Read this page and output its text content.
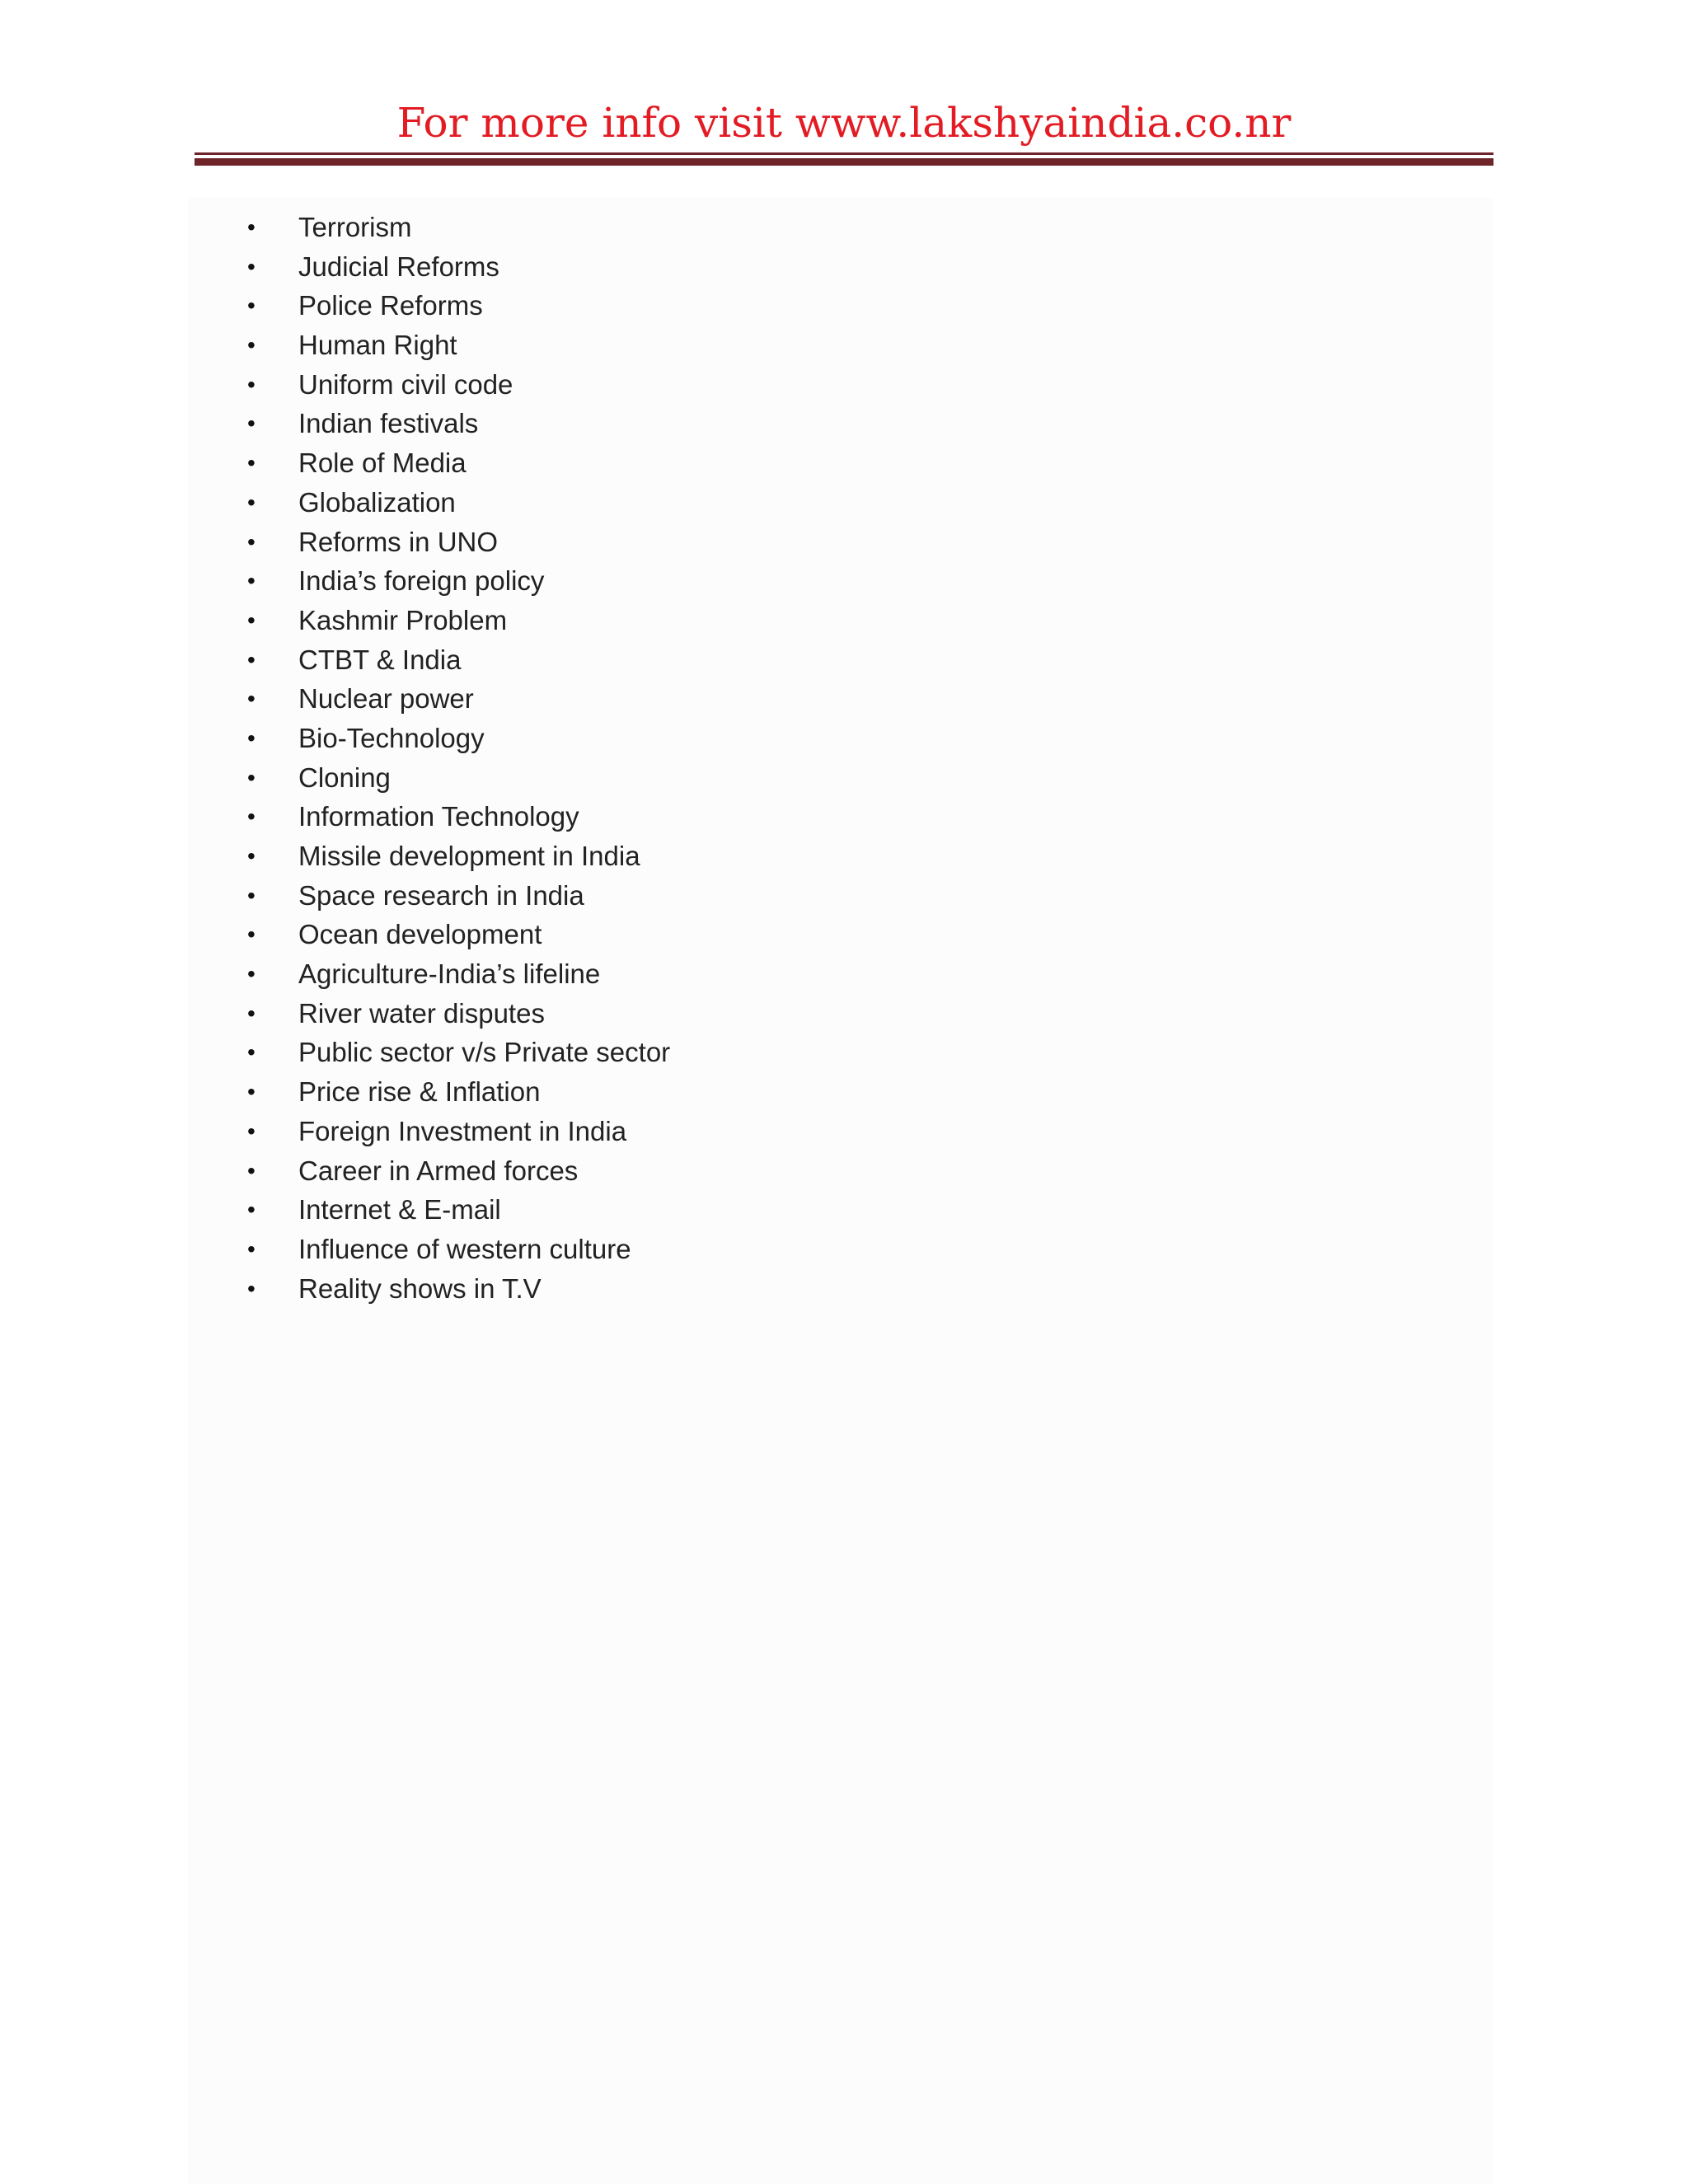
For more info visit www.lakshyaindia.co.nr
• Terrorism
• Judicial Reforms
• Police Reforms
• Human Right
• Uniform civil code
• Indian festivals
• Role of Media
• Globalization
• Reforms in UNO
• India’s foreign policy
• Kashmir Problem
• CTBT & India
• Nuclear power
• Bio-Technology
• Cloning
• Information Technology
• Missile development in India
• Space research in India
• Ocean development
• Agriculture-India’s lifeline
• River water disputes
• Public sector v/s Private sector
• Price rise & Inflation
• Foreign Investment in India
• Career in Armed forces
• Internet & E-mail
• Influence of western culture
• Reality shows in T.V
